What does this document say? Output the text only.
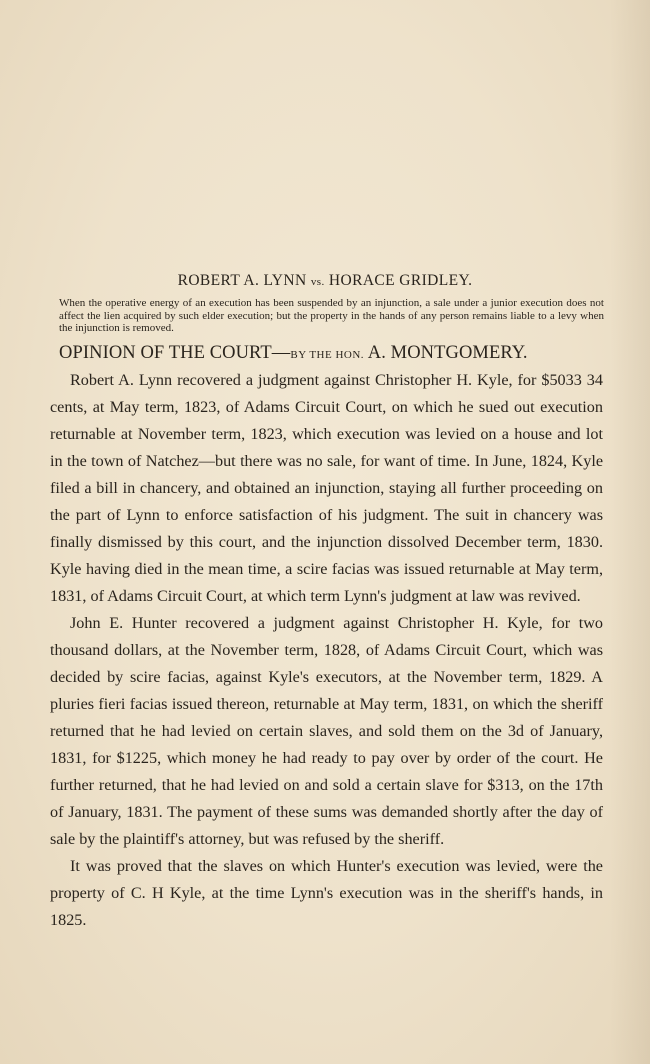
ROBERT A. LYNN vs. HORACE GRIDLEY.
When the operative energy of an execution has been suspended by an injunction, a sale under a junior execution does not affect the lien acquired by such elder execution; but the property in the hands of any person remains liable to a levy when the injunction is removed.
OPINION OF THE COURT—BY THE HON. A. MONTGOMERY.

Robert A. Lynn recovered a judgment against Christopher H. Kyle, for $5033 34 cents, at May term, 1823, of Adams Circuit Court, on which he sued out execution returnable at November term, 1823, which execution was levied on a house and lot in the town of Natchez—but there was no sale, for want of time. In June, 1824, Kyle filed a bill in chancery, and obtained an injunction, staying all further proceeding on the part of Lynn to enforce satisfaction of his judgment. The suit in chancery was finally dismissed by this court, and the injunction dissolved December term, 1830. Kyle having died in the mean time, a scire facias was issued returnable at May term, 1831, of Adams Circuit Court, at which term Lynn's judgment at law was revived.

John E. Hunter recovered a judgment against Christopher H. Kyle, for two thousand dollars, at the November term, 1828, of Adams Circuit Court, which was decided by scire facias, against Kyle's executors, at the November term, 1829. A pluries fieri facias issued thereon, returnable at May term, 1831, on which the sheriff returned that he had levied on certain slaves, and sold them on the 3d of January, 1831, for $1225, which money he had ready to pay over by order of the court. He further returned, that he had levied on and sold a certain slave for $313, on the 17th of January, 1831. The payment of these sums was demanded shortly after the day of sale by the plaintiff's attorney, but was refused by the sheriff.

It was proved that the slaves on which Hunter's execution was levied, were the property of C. H Kyle, at the time Lynn's execution was in the sheriff's hands, in 1825.
